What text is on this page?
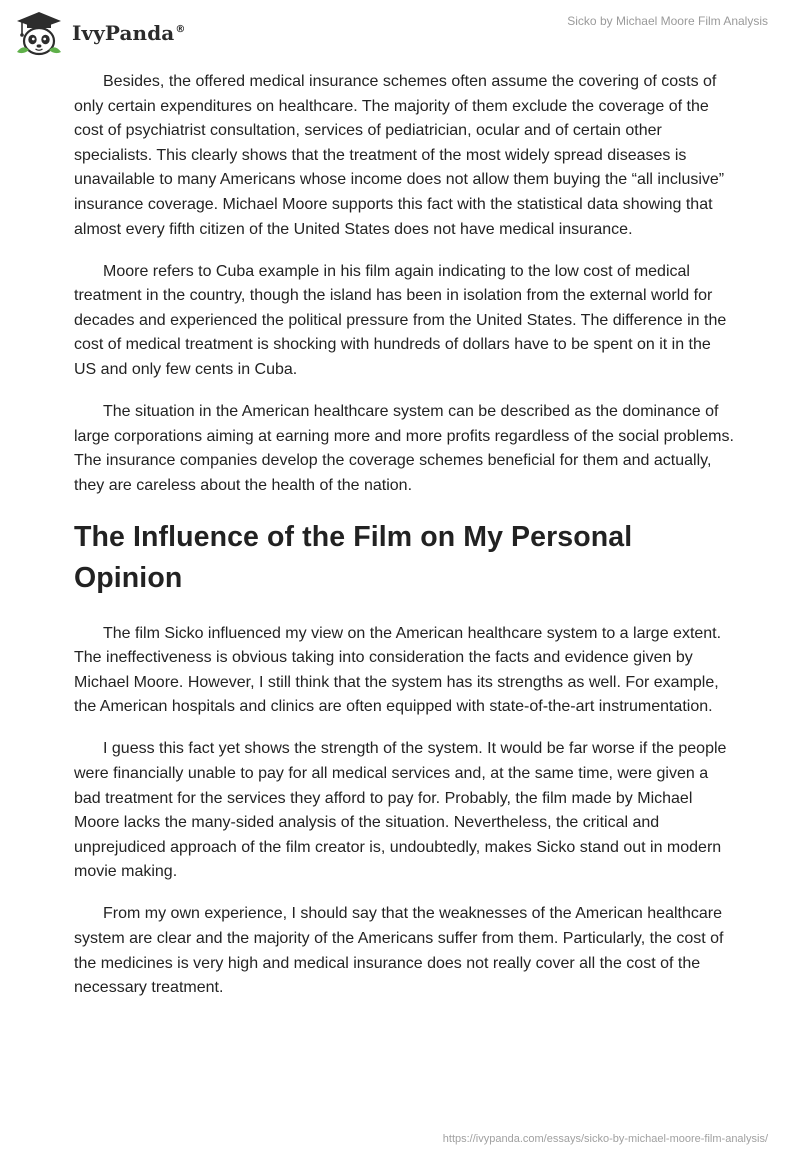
IvyPanda®
Sicko by Michael Moore Film Analysis

Besides, the offered medical insurance schemes often assume the covering of costs of only certain expenditures on healthcare. The majority of them exclude the coverage of the cost of psychiatrist consultation, services of pediatrician, ocular and of certain other specialists. This clearly shows that the treatment of the most widely spread diseases is unavailable to many Americans whose income does not allow them buying the “all inclusive” insurance coverage. Michael Moore supports this fact with the statistical data showing that almost every fifth citizen of the United States does not have medical insurance.

Moore refers to Cuba example in his film again indicating to the low cost of medical treatment in the country, though the island has been in isolation from the external world for decades and experienced the political pressure from the United States. The difference in the cost of medical treatment is shocking with hundreds of dollars have to be spent on it in the US and only few cents in Cuba.

The situation in the American healthcare system can be described as the dominance of large corporations aiming at earning more and more profits regardless of the social problems. The insurance companies develop the coverage schemes beneficial for them and actually, they are careless about the health of the nation.

The Influence of the Film on My Personal Opinion

The film Sicko influenced my view on the American healthcare system to a large extent. The ineffectiveness is obvious taking into consideration the facts and evidence given by Michael Moore. However, I still think that the system has its strengths as well. For example, the American hospitals and clinics are often equipped with state-of-the-art instrumentation.

I guess this fact yet shows the strength of the system. It would be far worse if the people were financially unable to pay for all medical services and, at the same time, were given a bad treatment for the services they afford to pay for. Probably, the film made by Michael Moore lacks the many-sided analysis of the situation. Nevertheless, the critical and unprejudiced approach of the film creator is, undoubtedly, makes Sicko stand out in modern movie making.

From my own experience, I should say that the weaknesses of the American healthcare system are clear and the majority of the Americans suffer from them. Particularly, the cost of the medicines is very high and medical insurance does not really cover all the cost of the necessary treatment.

https://ivypanda.com/essays/sicko-by-michael-moore-film-analysis/
